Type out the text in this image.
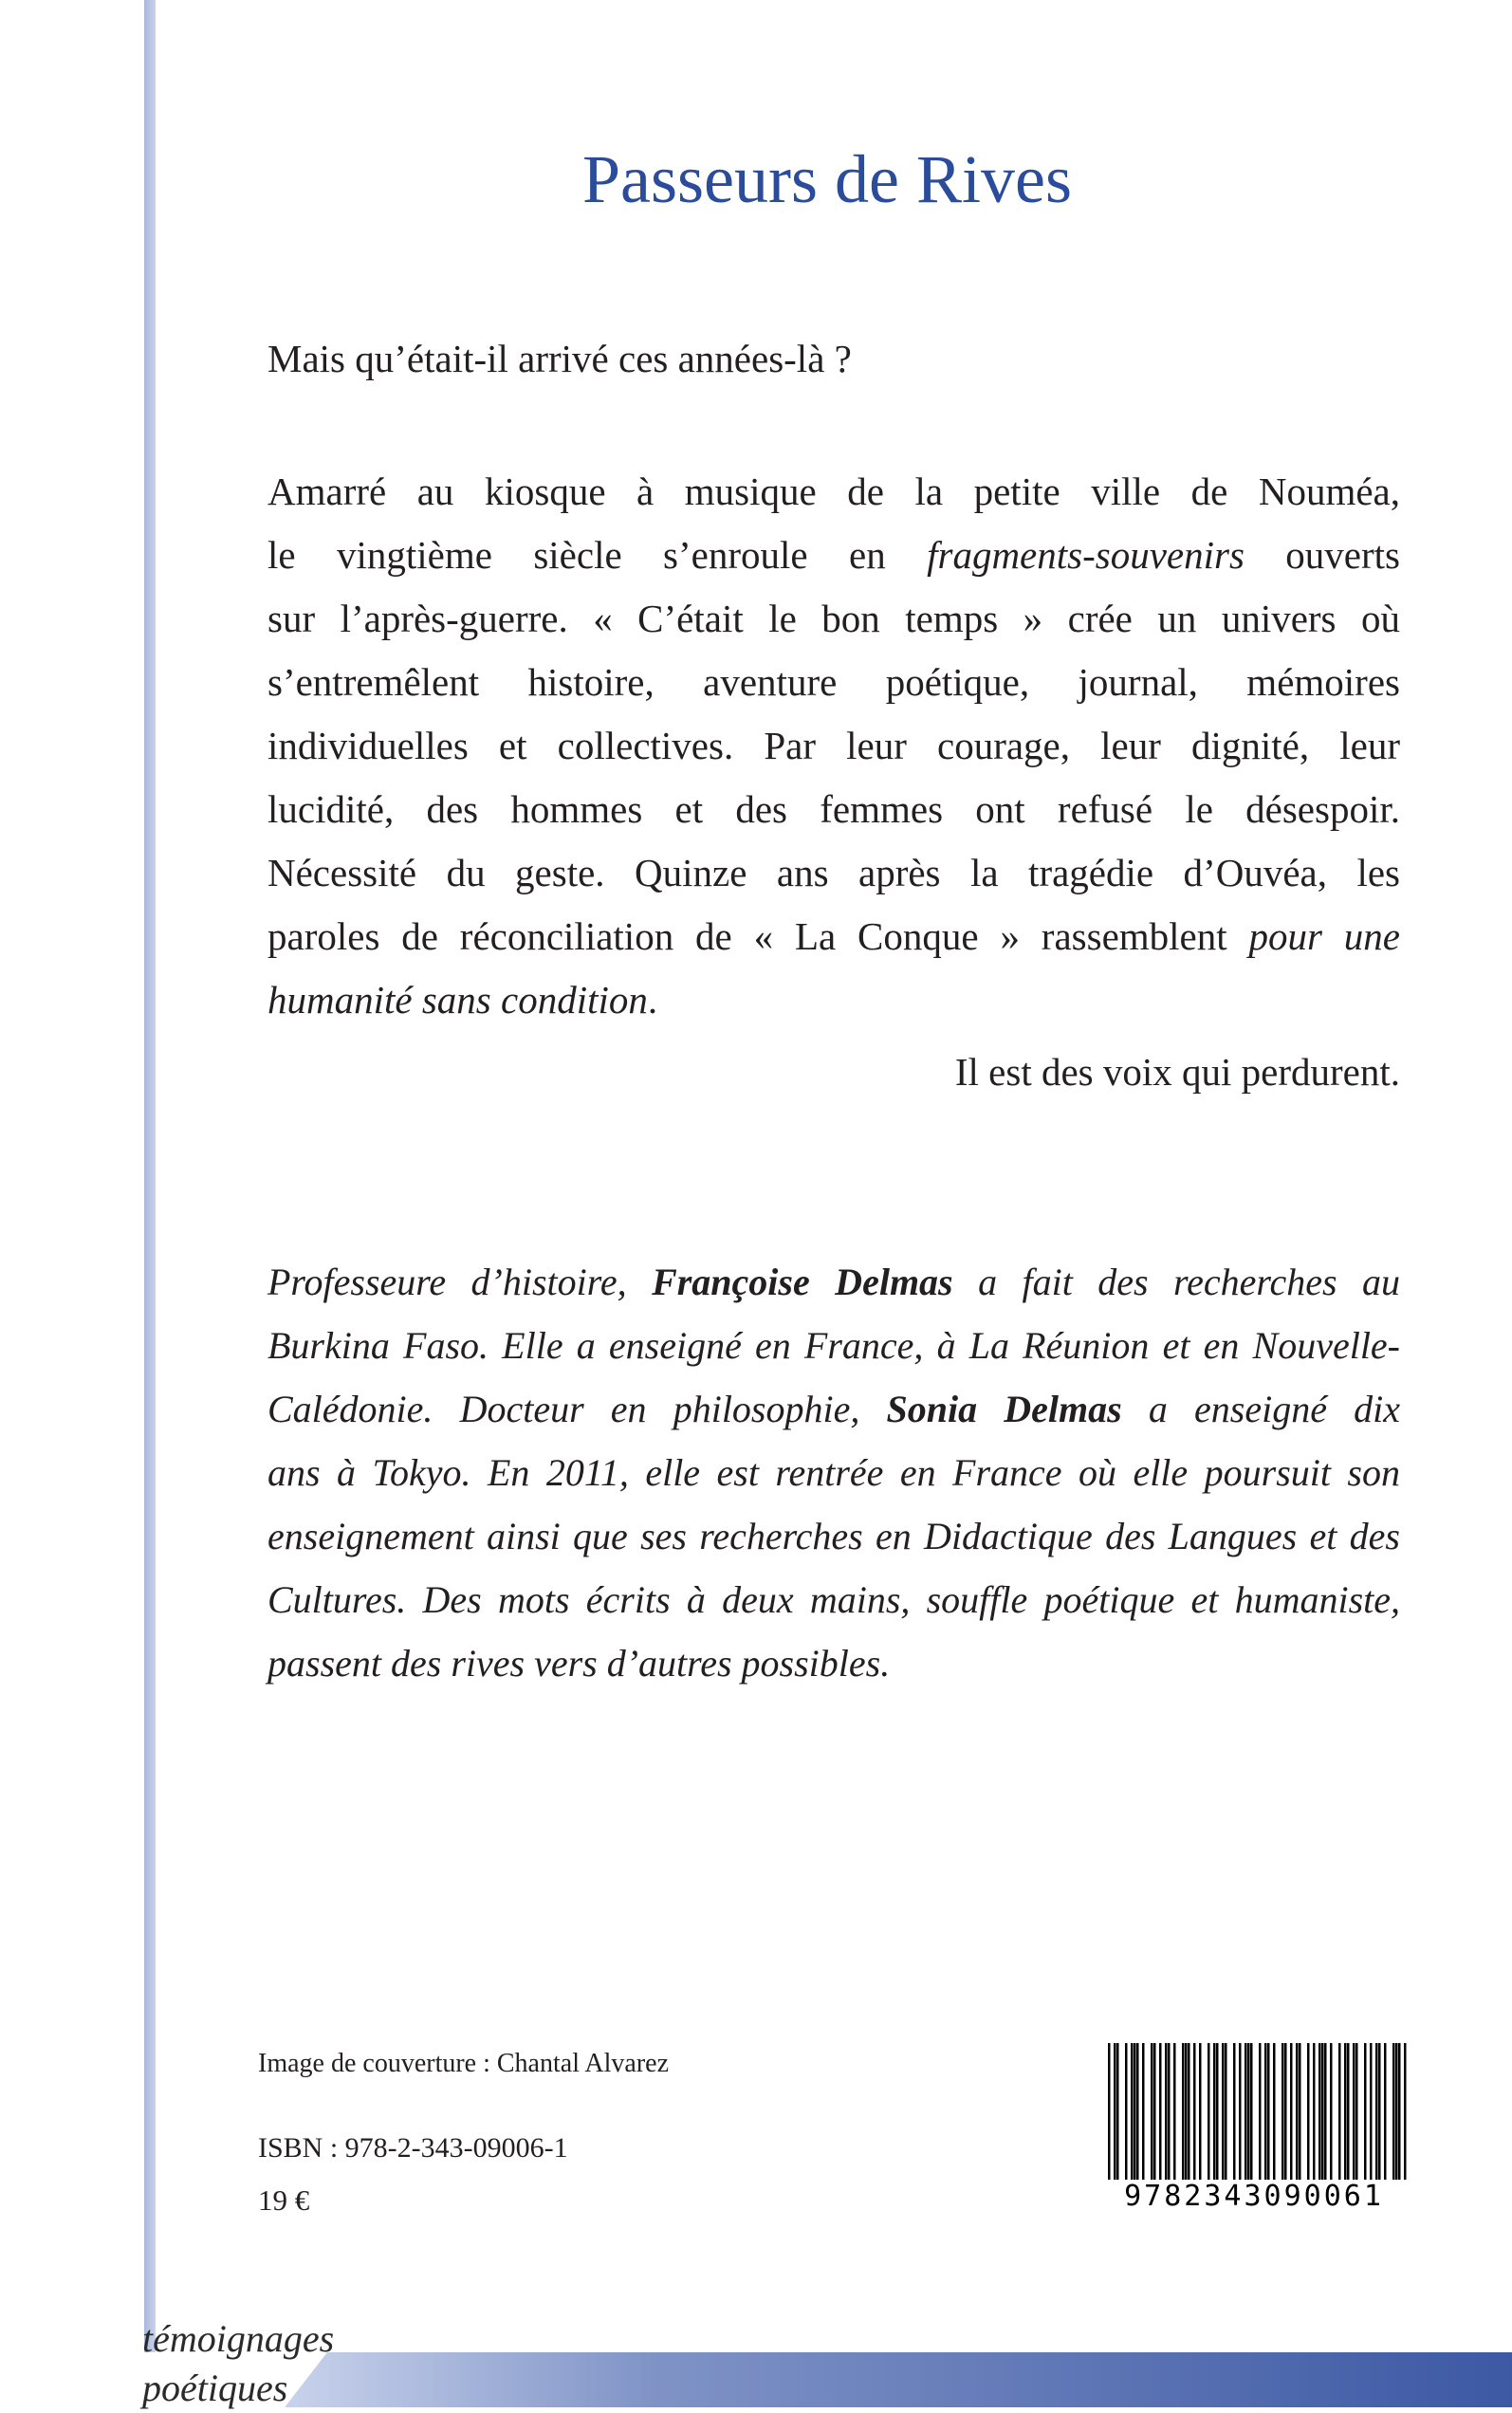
Passeurs de Rives

Mais qu’était-il arrivé ces années-là ?

Amarré au kiosque à musique de la petite ville de Nouméa,
le vingtième siècle s’enroule en fragments-souvenirs ouverts
sur l’après-guerre. « C’était le bon temps » crée un univers où
s’entremêlent histoire, aventure poétique, journal, mémoires
individuelles et collectives. Par leur courage, leur dignité, leur
lucidité, des hommes et des femmes ont refusé le désespoir.
Nécessité du geste. Quinze ans après la tragédie d’Ouvéa, les
paroles de réconciliation de « La Conque » rassemblent pour une
humanité sans condition.

Il est des voix qui perdurent.

Professeure d’histoire, Françoise Delmas a fait des recherches au
Burkina Faso. Elle a enseigné en France, à La Réunion et en Nouvelle-
Calédonie. Docteur en philosophie, Sonia Delmas a enseigné dix
ans à Tokyo. En 2011, elle est rentrée en France où elle poursuit son
enseignement ainsi que ses recherches en Didactique des Langues et des
Cultures. Des mots écrits à deux mains, souffle poétique et humaniste,
passent des rives vers d’autres possibles.

Image de couverture : Chantal Alvarez
ISBN : 978-2-343-09006-1
19 €	9782343090061
témoignages
poétiques
